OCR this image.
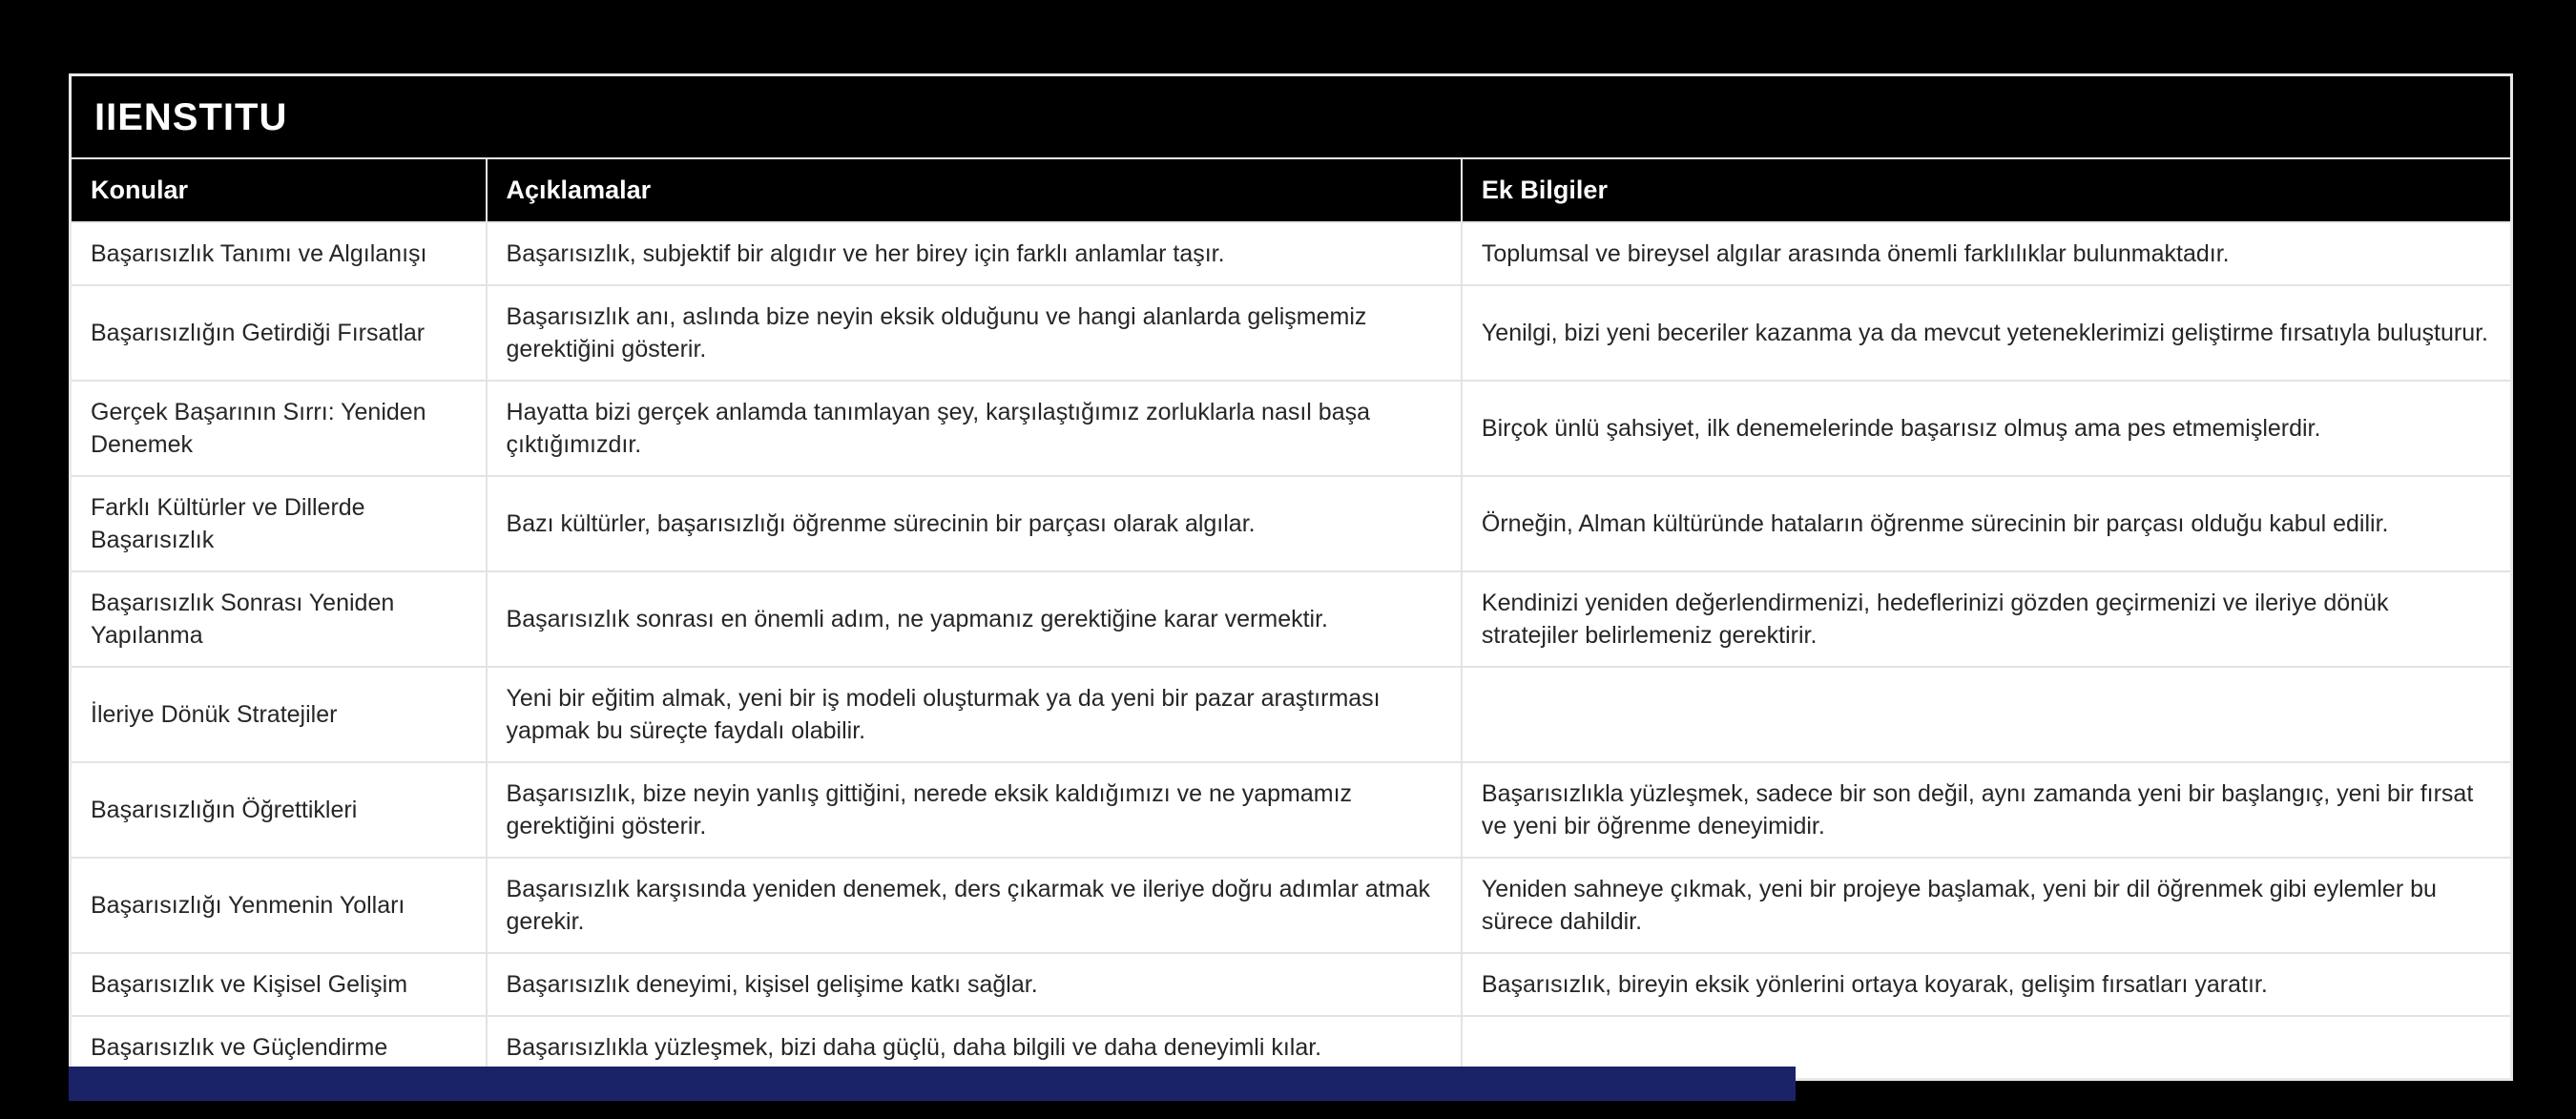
IIENSTITU
Konular	Açıklamalar	Ek Bilgiler
Başarısızlık Tanımı ve Algılanışı	Başarısızlık, subjektif bir algıdır ve her birey için farklı anlamlar taşır.	Toplumsal ve bireysel algılar arasında önemli farklılıklar bulunmaktadır.
Başarısızlığın Getirdiği Fırsatlar	Başarısızlık anı, aslında bize neyin eksik olduğunu ve hangi alanlarda gelişmemiz gerektiğini gösterir.	Yenilgi, bizi yeni beceriler kazanma ya da mevcut yeteneklerimizi geliştirme fırsatıyla buluşturur.
Gerçek Başarının Sırrı: Yeniden Denemek	Hayatta bizi gerçek anlamda tanımlayan şey, karşılaştığımız zorluklarla nasıl başa çıktığımızdır.	Birçok ünlü şahsiyet, ilk denemelerinde başarısız olmuş ama pes etmemişlerdir.
Farklı Kültürler ve Dillerde Başarısızlık	Bazı kültürler, başarısızlığı öğrenme sürecinin bir parçası olarak algılar.	Örneğin, Alman kültüründe hataların öğrenme sürecinin bir parçası olduğu kabul edilir.
Başarısızlık Sonrası Yeniden Yapılanma	Başarısızlık sonrası en önemli adım, ne yapmanız gerektiğine karar vermektir.	Kendinizi yeniden değerlendirmenizi, hedeflerinizi gözden geçirmenizi ve ileriye dönük stratejiler belirlemeniz gerektirir.
İleriye Dönük Stratejiler	Yeni bir eğitim almak, yeni bir iş modeli oluşturmak ya da yeni bir pazar araştırması yapmak bu süreçte faydalı olabilir.	
Başarısızlığın Öğrettikleri	Başarısızlık, bize neyin yanlış gittiğini, nerede eksik kaldığımızı ve ne yapmamız gerektiğini gösterir.	Başarısızlıkla yüzleşmek, sadece bir son değil, aynı zamanda yeni bir başlangıç, yeni bir fırsat ve yeni bir öğrenme deneyimidir.
Başarısızlığı Yenmenin Yolları	Başarısızlık karşısında yeniden denemek, ders çıkarmak ve ileriye doğru adımlar atmak gerekir.	Yeniden sahneye çıkmak, yeni bir projeye başlamak, yeni bir dil öğrenmek gibi eylemler bu sürece dahildir.
Başarısızlık ve Kişisel Gelişim	Başarısızlık deneyimi, kişisel gelişime katkı sağlar.	Başarısızlık, bireyin eksik yönlerini ortaya koyarak, gelişim fırsatları yaratır.
Başarısızlık ve Güçlendirme	Başarısızlıkla yüzleşmek, bizi daha güçlü, daha bilgili ve daha deneyimli kılar.	
